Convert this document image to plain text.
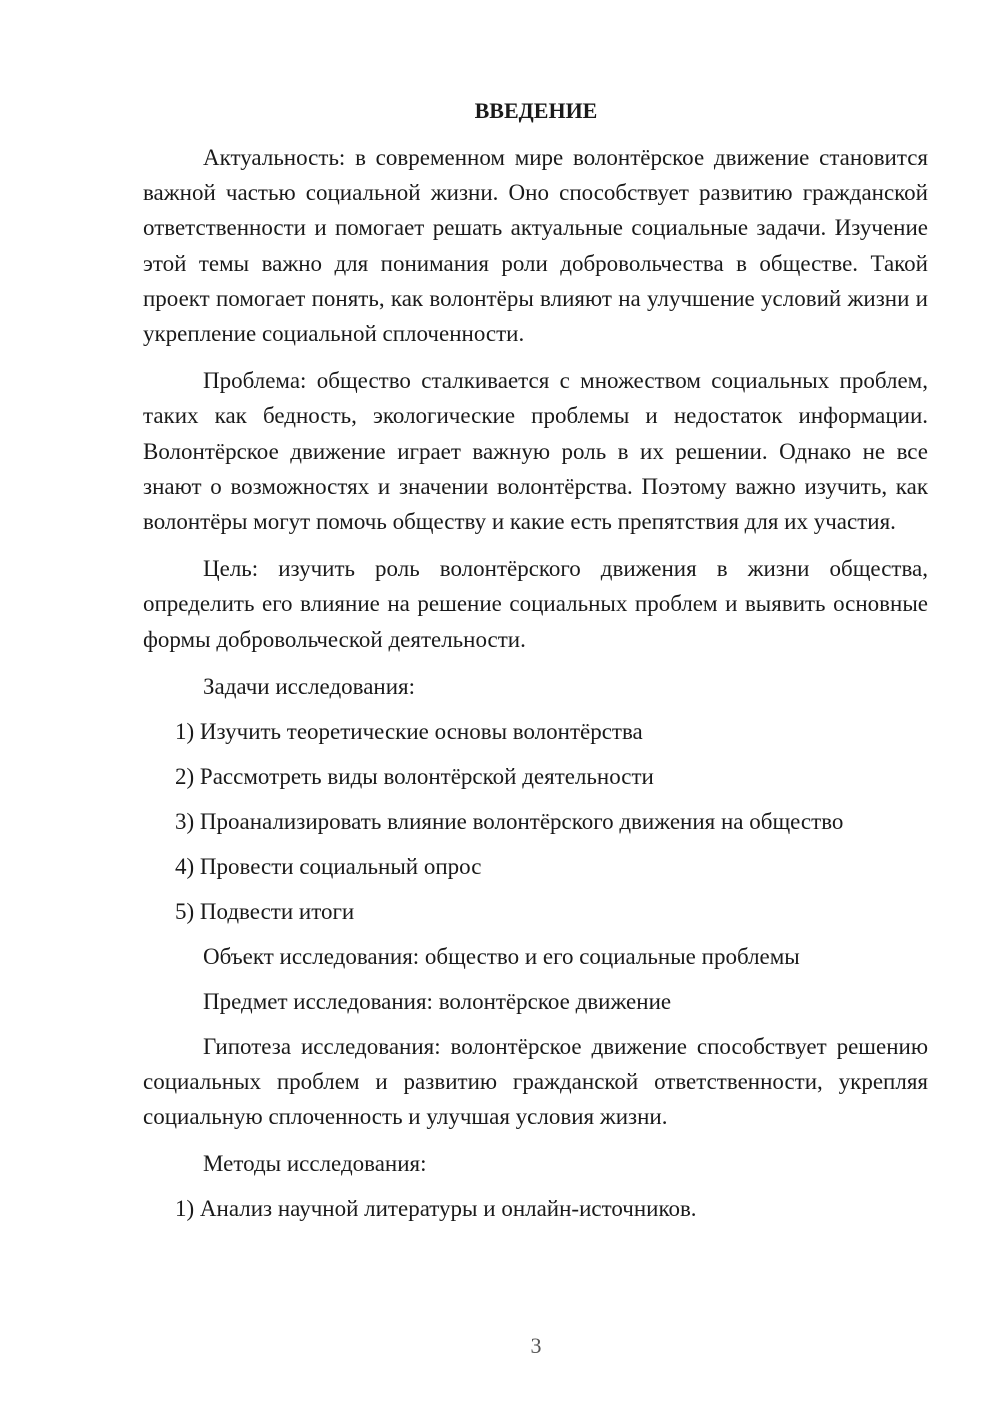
ВВЕДЕНИЕ

Актуальность: в современном мире волонтёрское движение становится важной частью социальной жизни. Оно способствует развитию гражданской ответственности и помогает решать актуальные социальные задачи. Изучение этой темы важно для понимания роли добровольчества в обществе. Такой проект помогает понять, как волонтёры влияют на улучшение условий жизни и укрепление социальной сплоченности.

Проблема: общество сталкивается с множеством социальных проблем, таких как бедность, экологические проблемы и недостаток информации. Волонтёрское движение играет важную роль в их решении. Однако не все знают о возможностях и значении волонтёрства. Поэтому важно изучить, как волонтёры могут помочь обществу и какие есть препятствия для их участия.

Цель: изучить роль волонтёрского движения в жизни общества, определить его влияние на решение социальных проблем и выявить основные формы добровольческой деятельности.

Задачи исследования:
1) Изучить теоретические основы волонтёрства
2) Рассмотреть виды волонтёрской деятельности
3) Проанализировать влияние волонтёрского движения на общество
4) Провести социальный опрос
5) Подвести итоги
Объект исследования: общество и его социальные проблемы
Предмет исследования: волонтёрское движение

Гипотеза исследования: волонтёрское движение способствует решению социальных проблем и развитию гражданской ответственности, укрепляя социальную сплоченность и улучшая условия жизни.

Методы исследования:
1) Анализ научной литературы и онлайн-источников.
3
